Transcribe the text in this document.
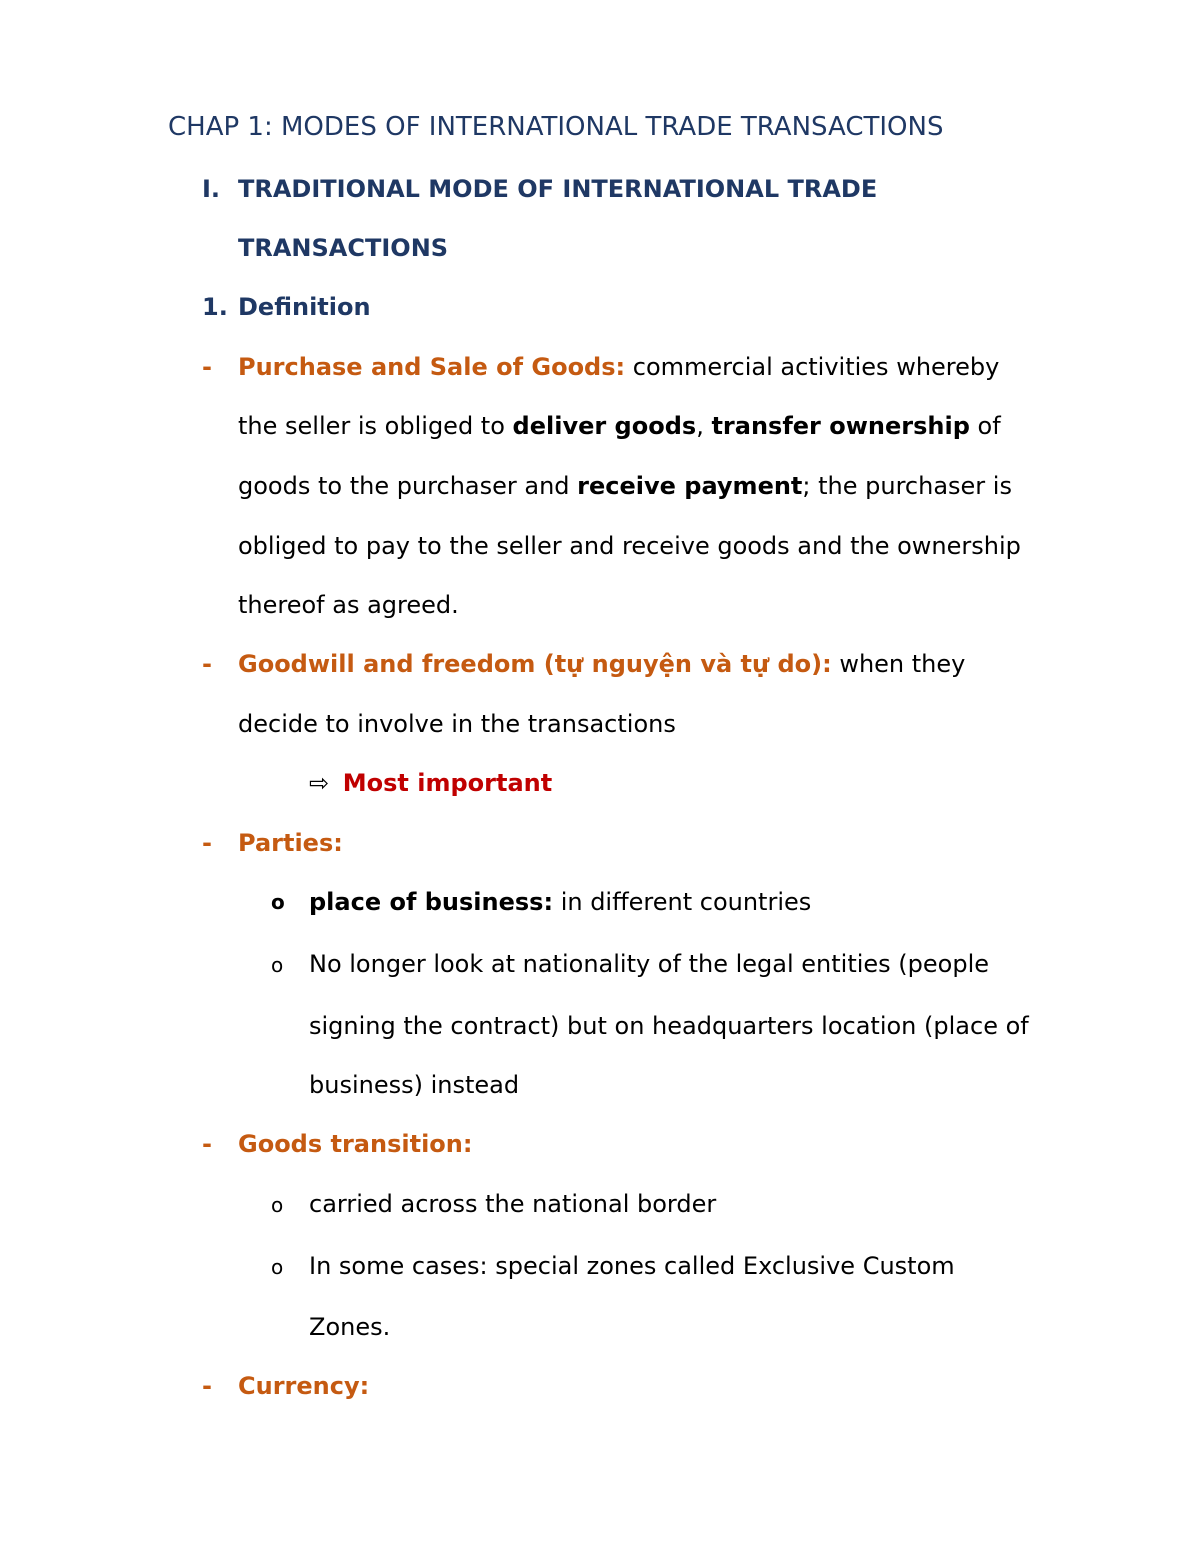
CHAP 1: MODES OF INTERNATIONAL TRADE TRANSACTIONS
I. TRADITIONAL MODE OF INTERNATIONAL TRADE
TRANSACTIONS
1. Definition
- Purchase and Sale of Goods: commercial activities whereby
the seller is obliged to deliver goods, transfer ownership of
goods to the purchaser and receive payment; the purchaser is
obliged to pay to the seller and receive goods and the ownership
thereof as agreed.
- Goodwill and freedom (tự nguyện và tự do): when they
decide to involve in the transactions
⇨ Most important
- Parties:
o place of business: in different countries
o No longer look at nationality of the legal entities (people
signing the contract) but on headquarters location (place of
business) instead
- Goods transition:
o carried across the national border
o In some cases: special zones called Exclusive Custom
Zones.
- Currency:
